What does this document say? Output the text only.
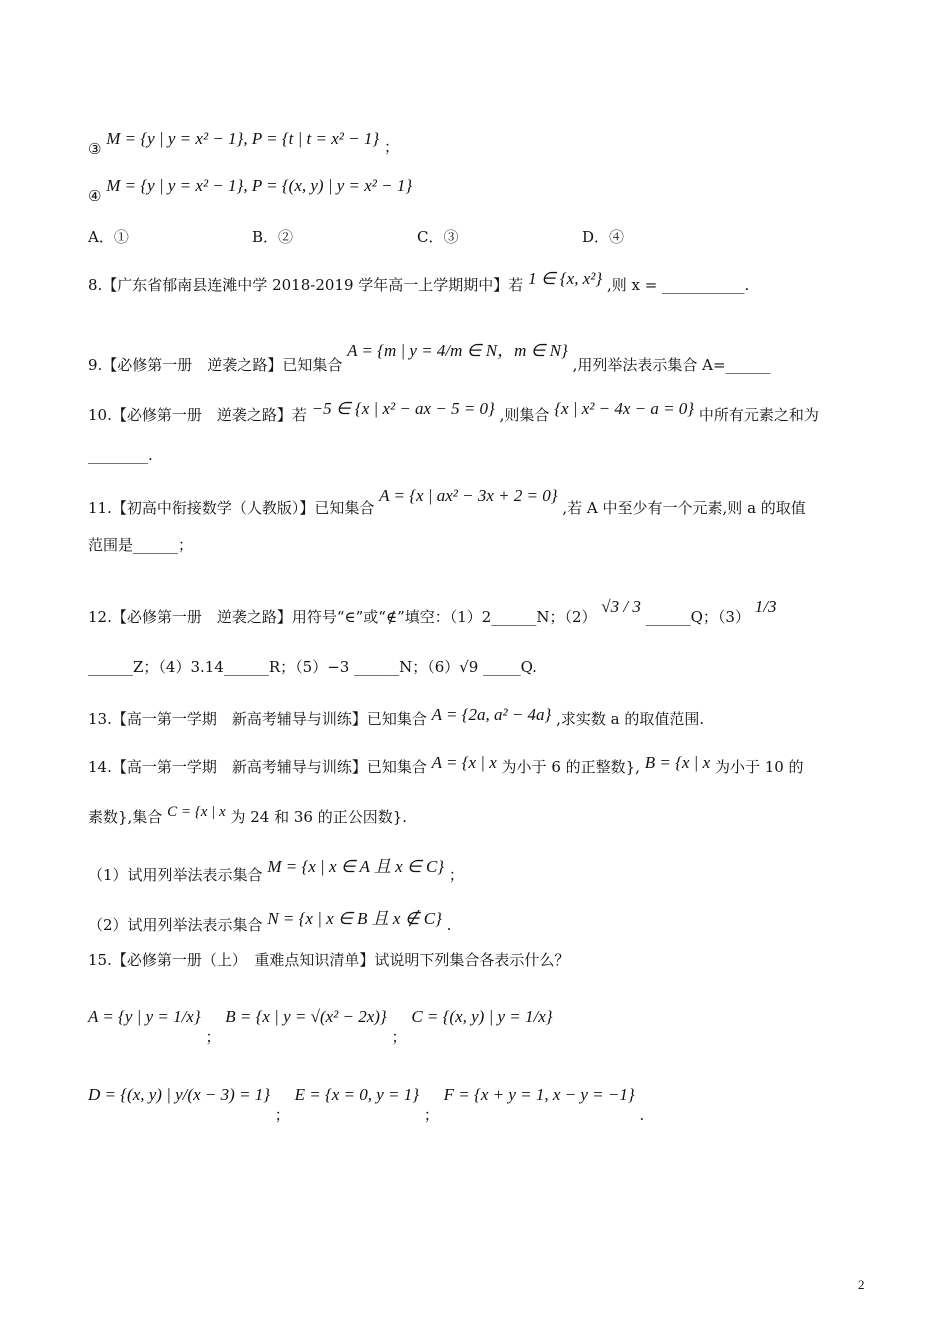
③ M = {y | y = x² − 1}, P = {t | t = x² − 1} ；
④ M = {y | y = x² − 1}, P = {(x, y) | y = x² − 1}
A．①	B．②	C．③	D．④
8.【广东省郁南县连滩中学 2018-2019 学年高一上学期期中】若 1 ∈ {x, x²} ,则 x = ___________.
9.【必修第一册　逆袭之路】已知集合 A = {m | y = 4/m ∈ N，m ∈ N} ,用列举法表示集合 A=______
10.【必修第一册　逆袭之路】若 −5 ∈ {x | x² − ax − 5 = 0} ,则集合 {x | x² − 4x − a = 0} 中所有元素之和为
________.
11.【初高中衔接数学（人教版）】已知集合 A = {x | ax² − 3x + 2 = 0} ,若 A 中至少有一个元素,则 a 的取值
范围是______；
12.【必修第一册　逆袭之路】用符号“∈”或“∉”填空：（1）2______N；（2） √3 / 3 ______Q；（3） 1/3
______Z；（4）3.14______R；（5）−3 ______N；（6）√9 _____Q.
13.【高一第一学期　新高考辅导与训练】已知集合 A = {2a, a² − 4a} ,求实数 a 的取值范围.
14.【高一第一学期　新高考辅导与训练】已知集合 A = {x | x 为小于 6 的正整数}, B = {x | x 为小于 10 的
素数},集合 C = {x | x 为 24 和 36 的正公因数}.
（1）试用列举法表示集合 M = {x | x ∈ A 且 x ∈ C} ；
（2）试用列举法表示集合 N = {x | x ∈ B 且 x ∉ C} .
15.【必修第一册（上）　重难点知识清单】试说明下列集合各表示什么？
A = {y | y = 1/x} ； B = {x | y = √(x² − 2x)} ； C = {(x, y) | y = 1/x}
D = {(x, y) | y/(x − 3) = 1} ； E = {x = 0, y = 1} ； F = {x + y = 1, x − y = −1} .
2
